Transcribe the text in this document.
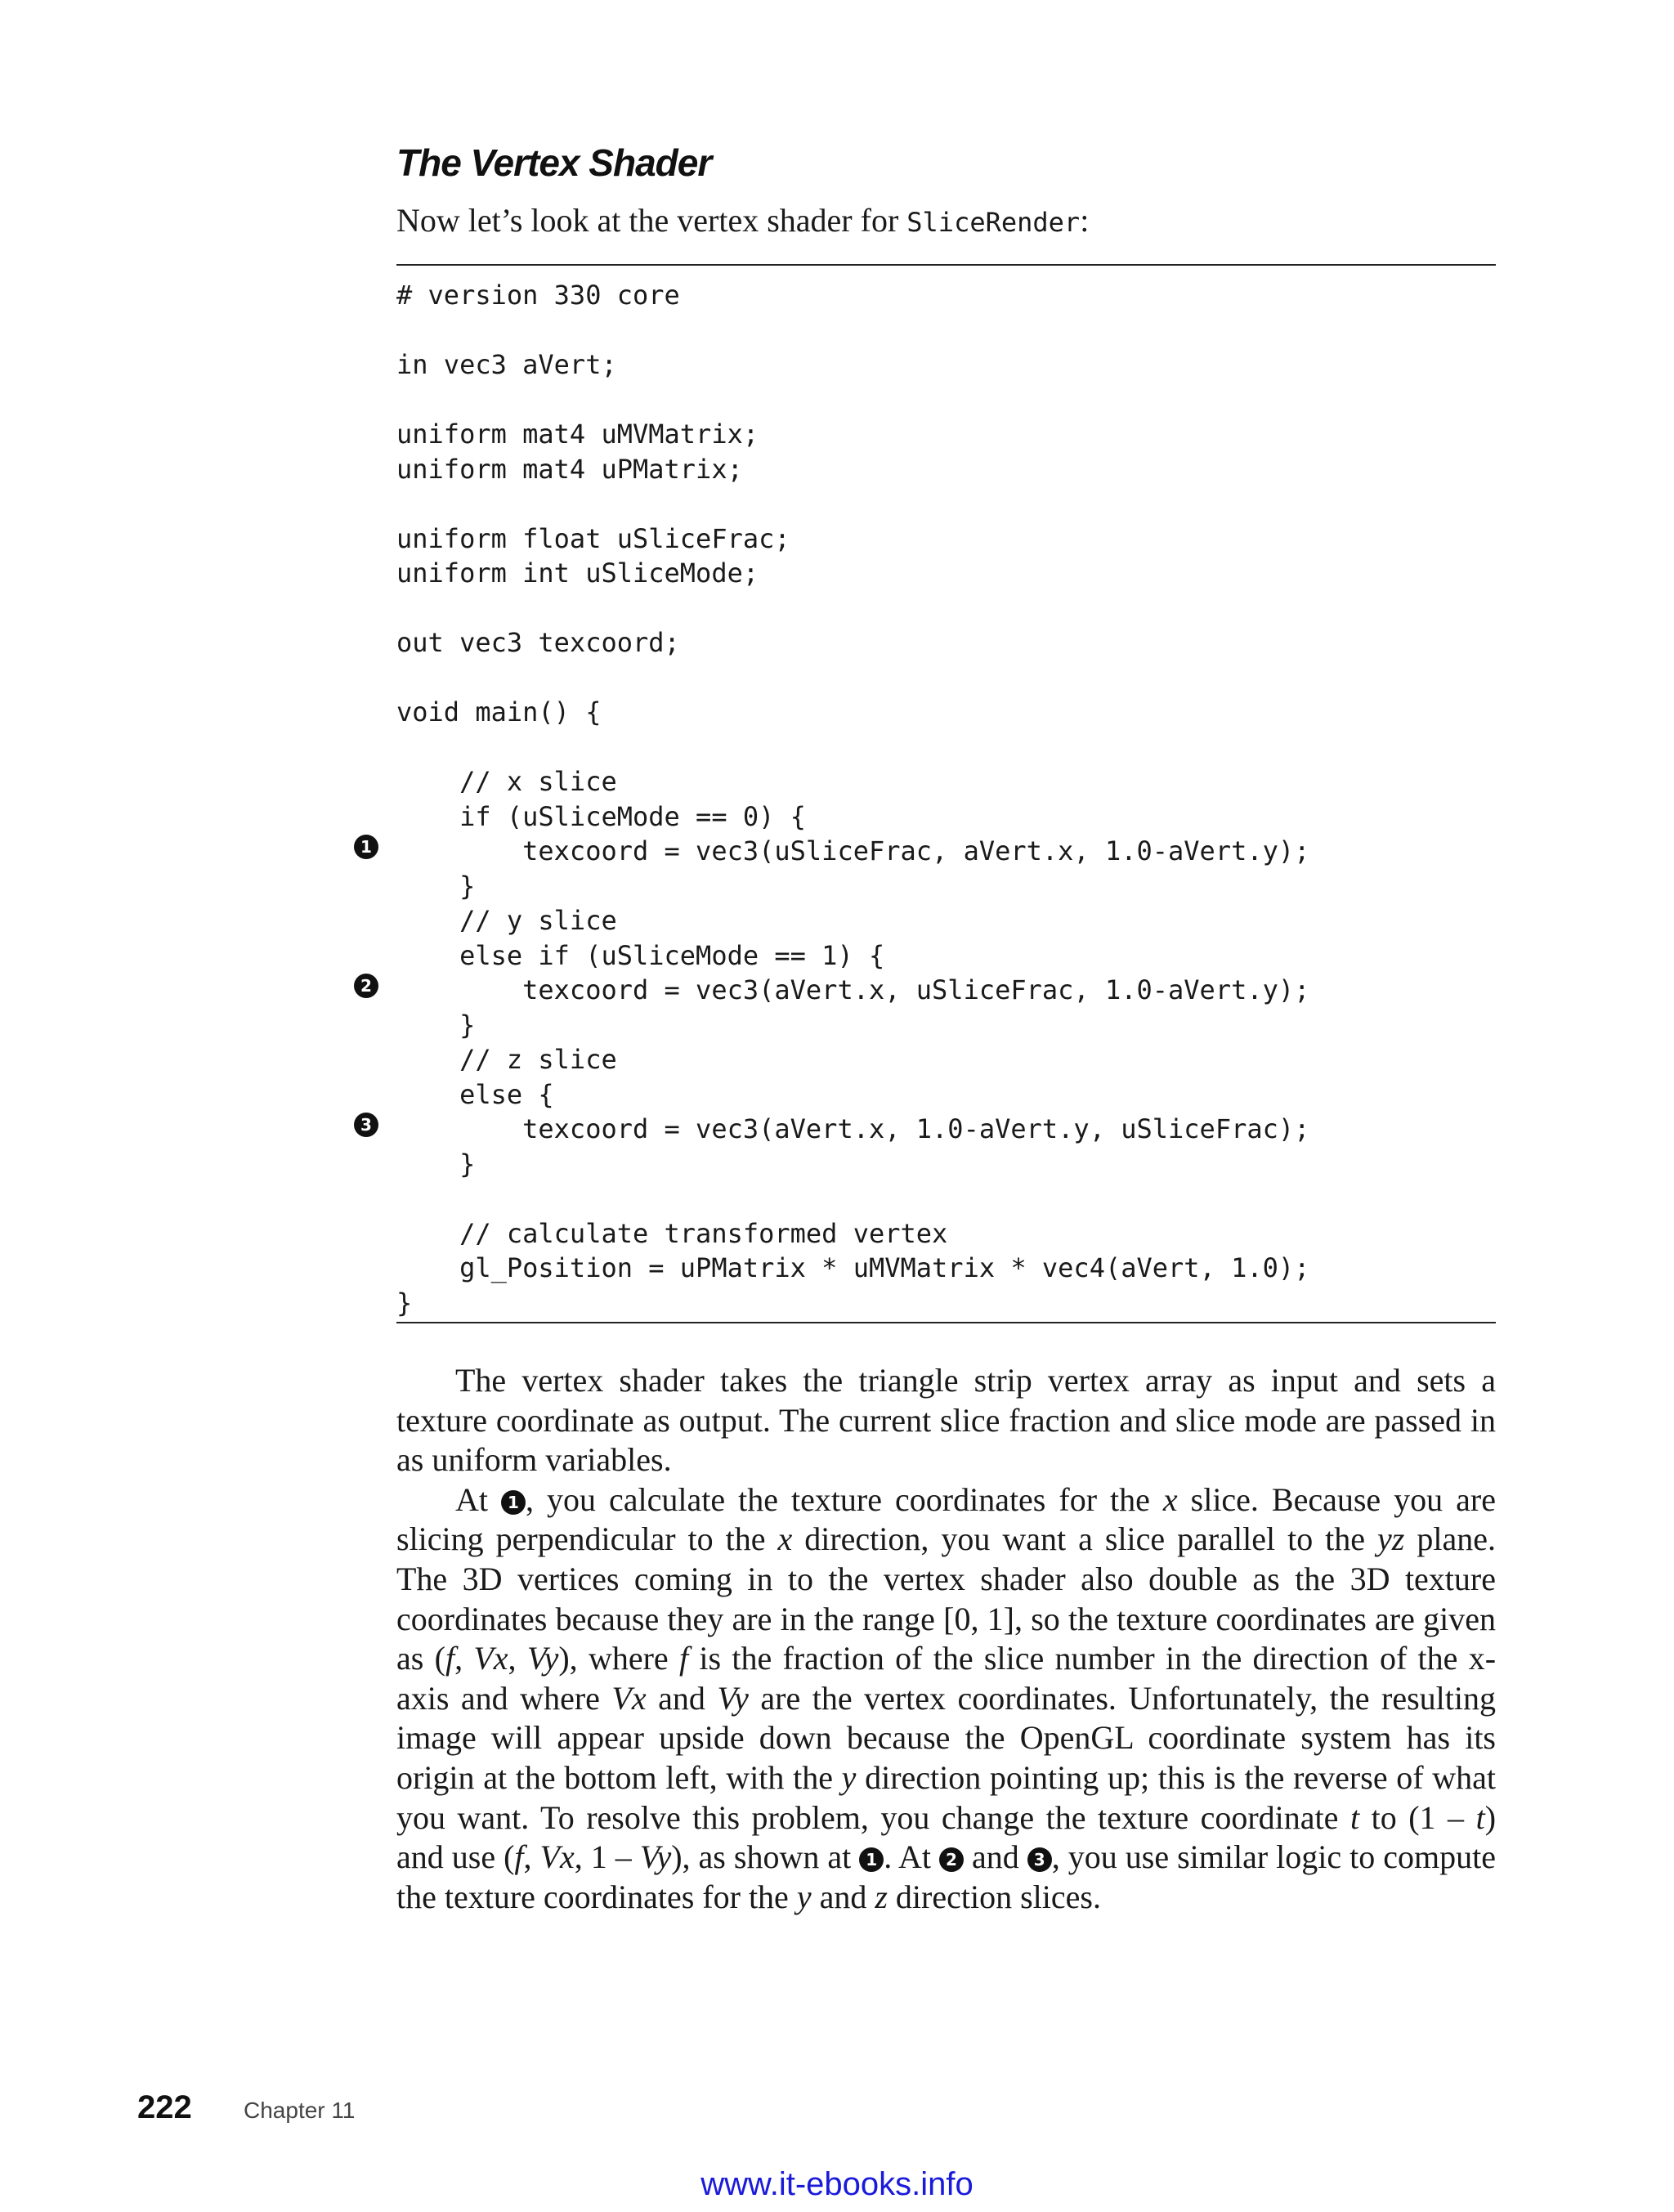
The Vertex Shader
Now let’s look at the vertex shader for SliceRender:
# version 330 core
in vec3 aVert;
uniform mat4 uMVMatrix;
uniform mat4 uPMatrix;
uniform float uSliceFrac;
uniform int uSliceMode;
out vec3 texcoord;
void main() {
// x slice
if (uSliceMode == 0) {
texcoord = vec3(uSliceFrac, aVert.x, 1.0-aVert.y);
}
// y slice
else if (uSliceMode == 1) {
texcoord = vec3(aVert.x, uSliceFrac, 1.0-aVert.y);
}
// z slice
else {
texcoord = vec3(aVert.x, 1.0-aVert.y, uSliceFrac);
}
// calculate transformed vertex
gl_Position = uPMatrix * uMVMatrix * vec4(aVert, 1.0);
}
1
2
3

The vertex shader takes the triangle strip vertex array as input and sets a texture coordinate as output. The current slice fraction and slice mode are passed in as uniform variables.

At 1 , you calculate the texture coordinates for the x slice. Because you are slicing perpendicular to the x direction, you want a slice parallel to the yz plane. The 3D vertices coming in to the vertex shader also double as the 3D texture coordinates because they are in the range [0, 1], so the texture coordinates are given as (f, Vx, Vy), where f is the fraction of the slice number in the direction of the x-axis and where Vx and Vy are the vertex coordinates. Unfortunately, the resulting image will appear upside down because the OpenGL coordinate system has its origin at the bottom left, with the y direction pointing up; this is the reverse of what you want. To resolve this problem, you change the texture coordinate t to (1 – t) and use (f, Vx, 1 – Vy), as shown at 1 . At 2 and 3 , you use similar logic to compute the texture coordinates for the y and z direction slices.

222 Chapter 11
www.it-ebooks.info
